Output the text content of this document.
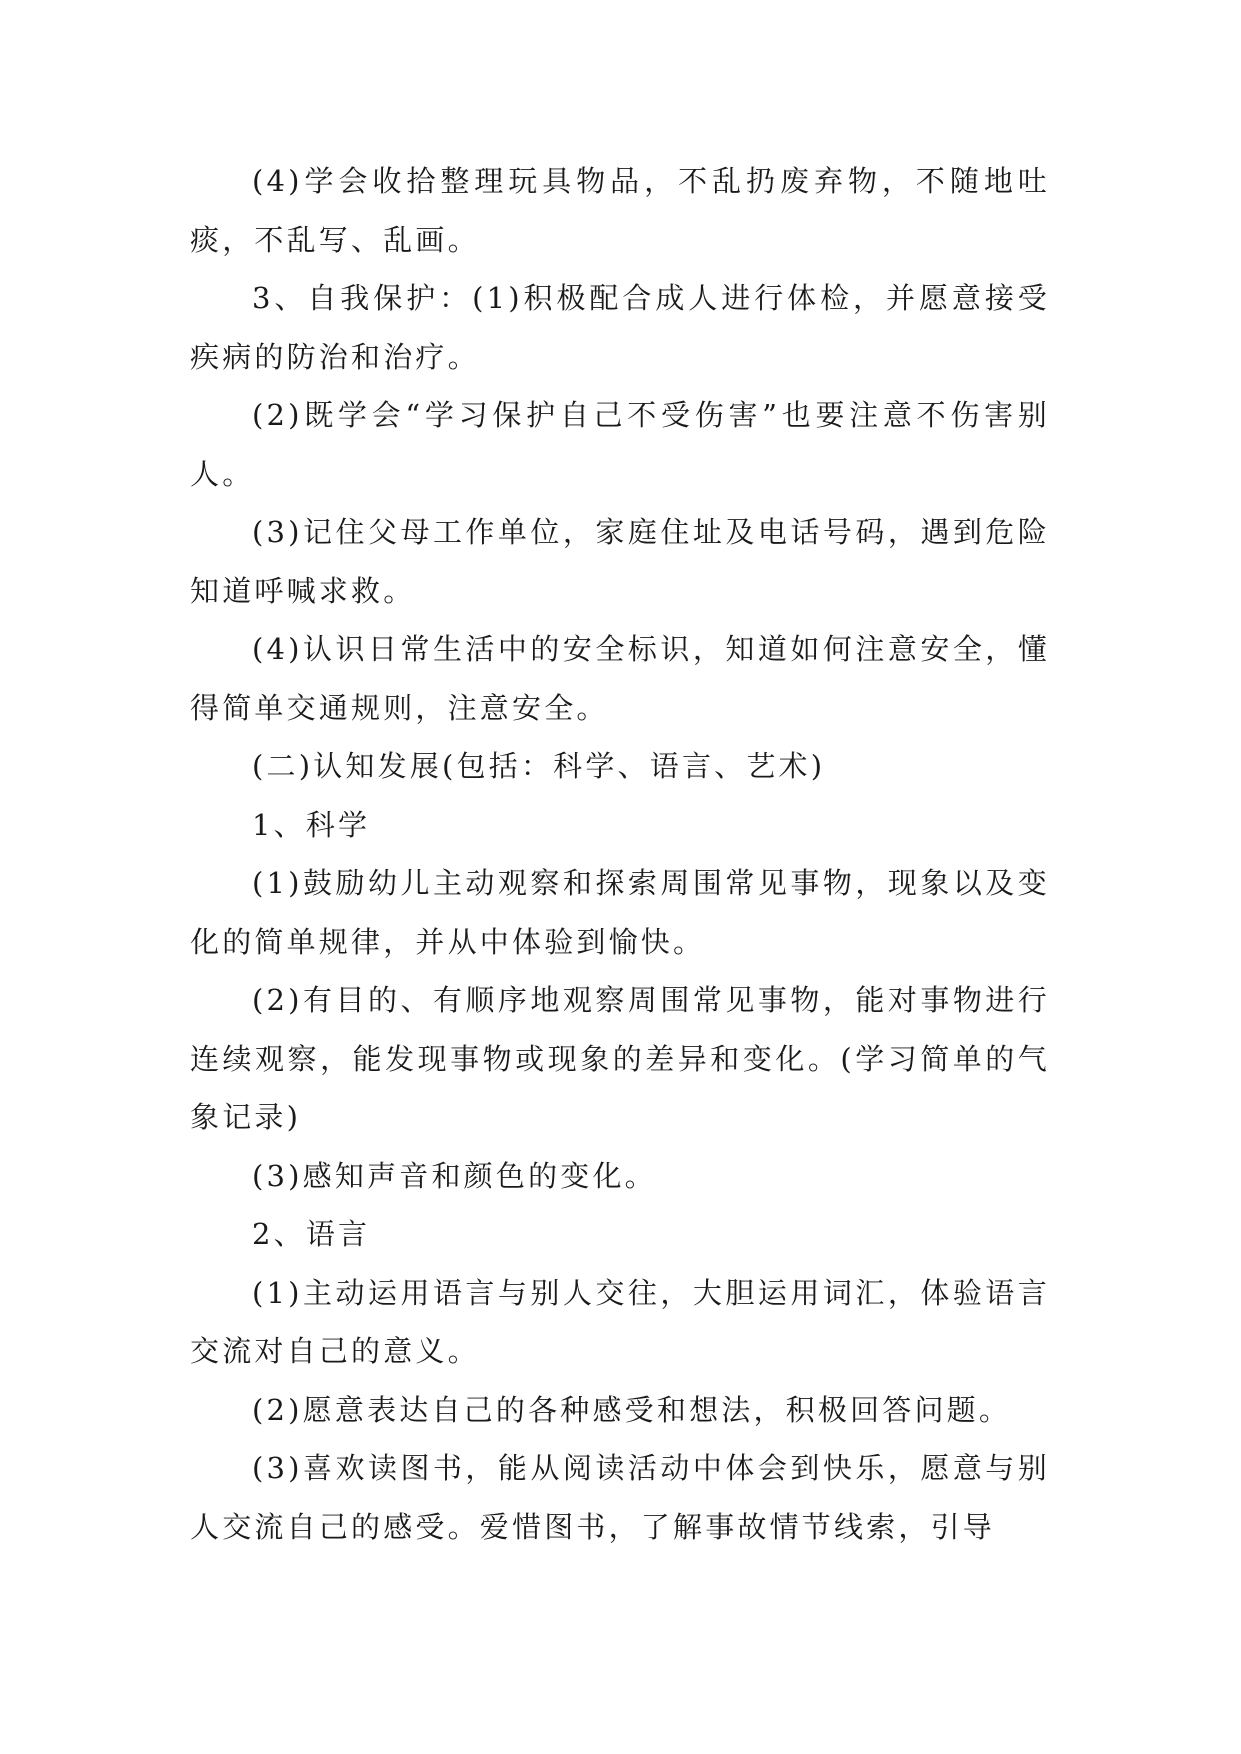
(4)学会收拾整理玩具物品，不乱扔废弃物，不随地吐痰，不乱写、乱画。

3、自我保护：(1)积极配合成人进行体检，并愿意接受疾病的防治和治疗。

(2)既学会“学习保护自己不受伤害”也要注意不伤害别人。

(3)记住父母工作单位，家庭住址及电话号码，遇到危险知道呼喊求救。

(4)认识日常生活中的安全标识，知道如何注意安全，懂得简单交通规则，注意安全。

(二)认知发展(包括：科学、语言、艺术)

1、科学

(1)鼓励幼儿主动观察和探索周围常见事物，现象以及变化的简单规律，并从中体验到愉快。

(2)有目的、有顺序地观察周围常见事物，能对事物进行连续观察，能发现事物或现象的差异和变化。(学习简单的气象记录)

(3)感知声音和颜色的变化。

2、语言

(1)主动运用语言与别人交往，大胆运用词汇，体验语言交流对自己的意义。

(2)愿意表达自己的各种感受和想法，积极回答问题。

(3)喜欢读图书，能从阅读活动中体会到快乐，愿意与别人交流自己的感受。爱惜图书，了解事故情节线索，引导
